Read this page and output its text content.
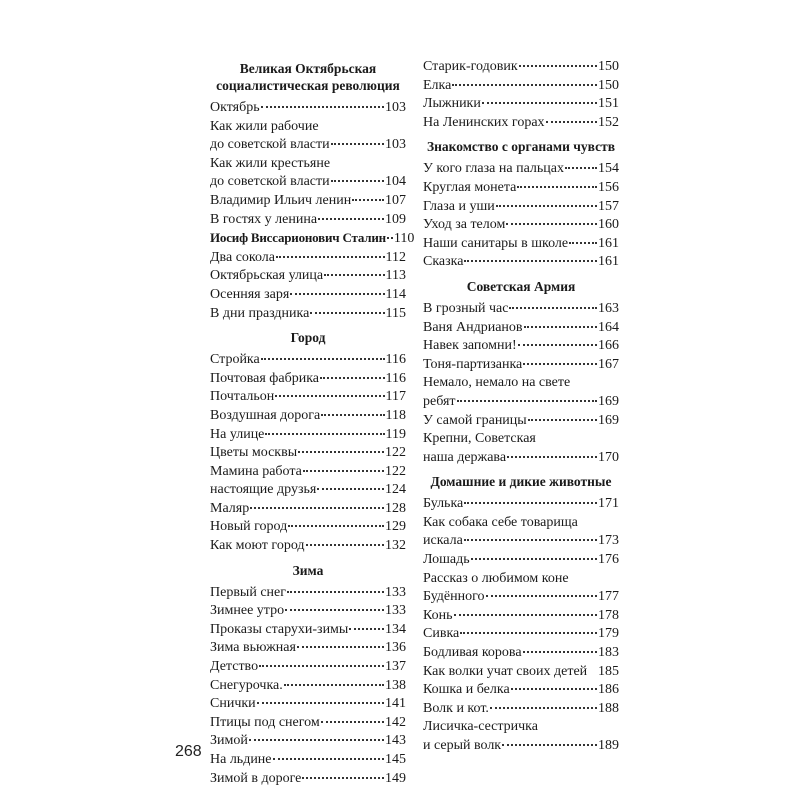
Великая Октябрьская социалистическая революция
Октябрь	103
Как жили рабочие
до советской власти	103
Как жили крестьяне
до советской власти	104
Владимир Ильич ленин 107
В гостях у ленина	109
Иосиф Виссарионович Сталин 110
Два сокола	112
Октябрьская улица	113
Осенняя заря	114
В дни праздника	115
Город
Стройка	116
Почтовая фабрика	116
Почтальон	117
Воздушная дорога	118
На улице	119
Цветы москвы	122
Мамина работа	122
настоящие друзья	124
Маляр	128
Новый город	129
Как моют город	132
Зима
Первый снег	133
Зимнее утро	133
Проказы старухи-зимы	134
Зима вьюжная	136
Детство	137
Снегурочка.	138
Снички	141
Птицы под снегом	142
Зимой	143
На льдине	145
Зимой в дороге	149
Старик-годовик	150
Елка	150
Лыжники	151
На Ленинских горах	152
Знакомство с органами чувств
У кого глаза на пальцах 154
Круглая монета	156
Глаза и уши	157
Уход за телом	160
Наши санитары в школе 161
Сказка	161
Советская Армия
В грозный час	163
Ваня Андрианов	164
Навек запомни!	166
Тоня-партизанка	167
Немало, немало на свете
ребят	169
У самой границы	169
Крепни, Советская
наша держава	170
Домашние и дикие животные
Булька	171
Как собака себе товарища
искала	173
Лошадь	176
Рассказ о любимом коне
Будённого	177
Конь	178
Сивка	179
Бодливая корова	183
Как волки учат своих детей 185
Кошка и белка	186
Волк и кот.	188
Лисичка-сестричка
и серый волк	189
268
